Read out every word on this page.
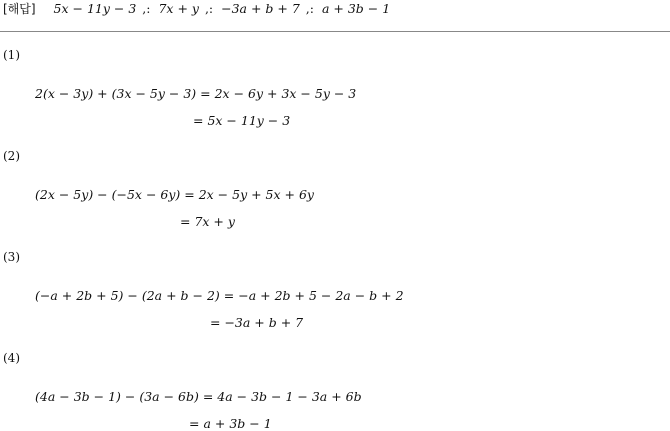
[해답] 5x − 11y − 3 ,: 7x + y ,: −3a + b + 7 ,: a + 3b − 1
(1)
2(x − 3y) + (3x − 5y − 3) = 2x − 6y + 3x − 5y − 3
= 5x − 11y − 3
(2)
(2x − 5y) − (−5x − 6y) = 2x − 5y + 5x + 6y
= 7x + y
(3)
(−a + 2b + 5) − (2a + b − 2) = −a + 2b + 5 − 2a − b + 2
= −3a + b + 7
(4)
(4a − 3b − 1) − (3a − 6b) = 4a − 3b − 1 − 3a + 6b
= a + 3b − 1
